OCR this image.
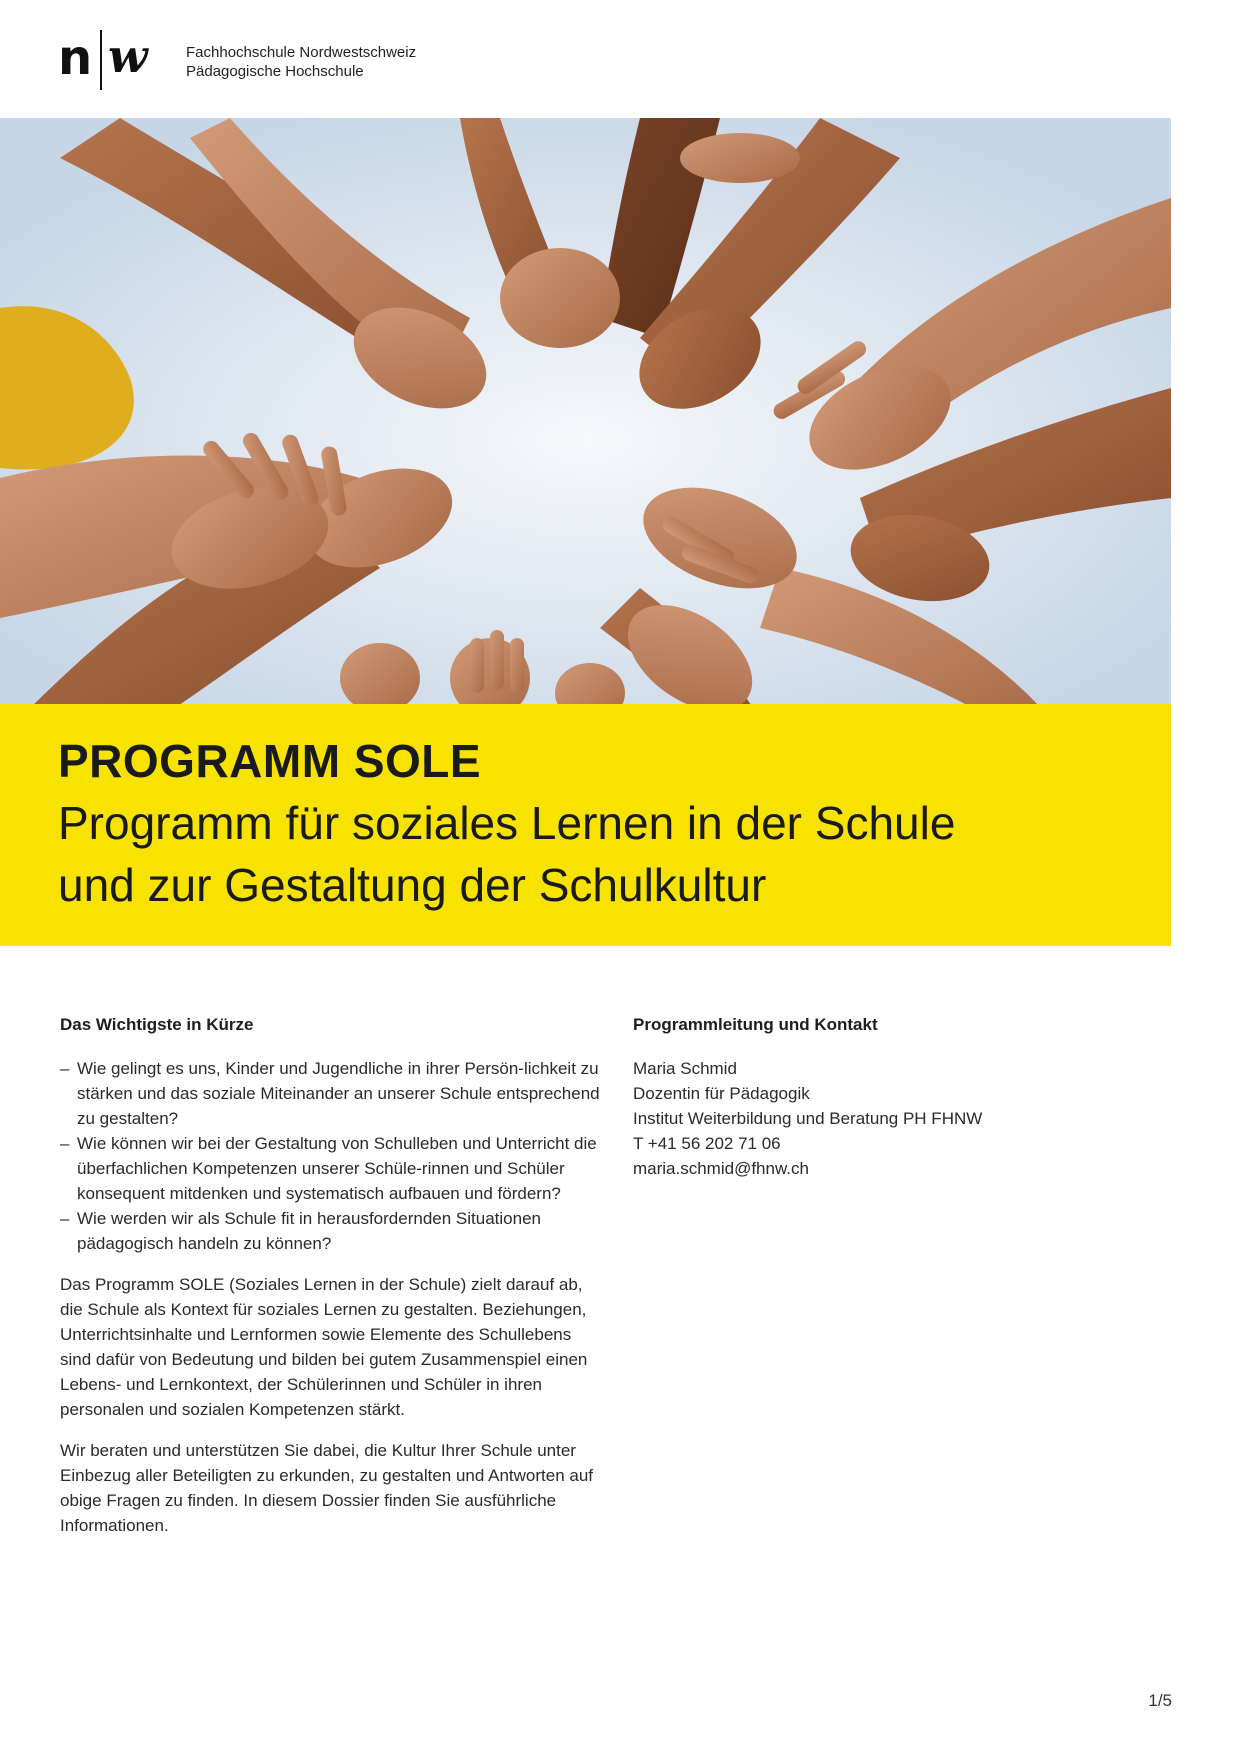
n w	Fachhochschule Nordwestschweiz
Pädagogische Hochschule
PROGRAMM SOLE
Programm für soziales Lernen in der Schule
und zur Gestaltung der Schulkultur
Das Wichtigste in Kürze
– Wie gelingt es uns, Kinder und Jugendliche in ihrer Persön-lichkeit zu stärken und das soziale Miteinander an unserer Schule entsprechend zu gestalten?
– Wie können wir bei der Gestaltung von Schulleben und Unterricht die überfachlichen Kompetenzen unserer Schüle-rinnen und Schüler konsequent mitdenken und systematisch aufbauen und fördern?
– Wie werden wir als Schule fit in herausfordernden Situationen pädagogisch handeln zu können?

Das Programm SOLE (Soziales Lernen in der Schule) zielt darauf ab, die Schule als Kontext für soziales Lernen zu gestalten. Beziehungen, Unterrichtsinhalte und Lernformen sowie Elemente des Schullebens sind dafür von Bedeutung und bilden bei gutem Zusammenspiel einen Lebens- und Lernkontext, der Schülerinnen und Schüler in ihren personalen und sozialen Kompetenzen stärkt.

Wir beraten und unterstützen Sie dabei, die Kultur Ihrer Schule unter Einbezug aller Beteiligten zu erkunden, zu gestalten und Antworten auf obige Fragen zu finden. In diesem Dossier finden Sie ausführliche Informationen.

Programmleitung und Kontakt
Maria Schmid
Dozentin für Pädagogik
Institut Weiterbildung und Beratung PH FHNW
T +41 56 202 71 06
maria.schmid@fhnw.ch
1/5
